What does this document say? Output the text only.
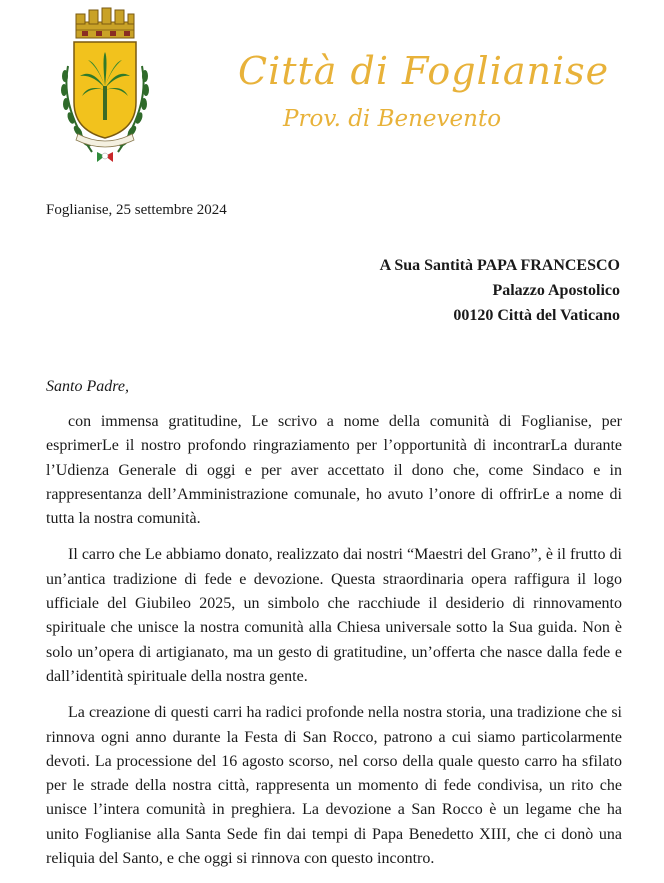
Città di Foglianise
Prov. di Benevento
Foglianise, 25 settembre 2024
A Sua Santità PAPA FRANCESCO
Palazzo Apostolico
00120 Città del Vaticano
Santo Padre,

con immensa gratitudine, Le scrivo a nome della comunità di Foglianise, per esprimerLe il nostro profondo ringraziamento per l’opportunità di incontrarLa durante l’Udienza Generale di oggi e per aver accettato il dono che, come Sindaco e in rappresentanza dell’Amministrazione comunale, ho avuto l’onore di offrirLe a nome di tutta la nostra comunità.

Il carro che Le abbiamo donato, realizzato dai nostri “Maestri del Grano”, è il frutto di un’antica tradizione di fede e devozione. Questa straordinaria opera raffigura il logo ufficiale del Giubileo 2025, un simbolo che racchiude il desiderio di rinnovamento spirituale che unisce la nostra comunità alla Chiesa universale sotto la Sua guida. Non è solo un’opera di artigianato, ma un gesto di gratitudine, un’offerta che nasce dalla fede e dall’identità spirituale della nostra gente.

La creazione di questi carri ha radici profonde nella nostra storia, una tradizione che si rinnova ogni anno durante la Festa di San Rocco, patrono a cui siamo particolarmente devoti. La processione del 16 agosto scorso, nel corso della quale questo carro ha sfilato per le strade della nostra città, rappresenta un momento di fede condivisa, un rito che unisce l’intera comunità in preghiera. La devozione a San Rocco è un legame che ha unito Foglianise alla Santa Sede fin dai tempi di Papa Benedetto XIII, che ci donò una reliquia del Santo, e che oggi si rinnova con questo incontro.
